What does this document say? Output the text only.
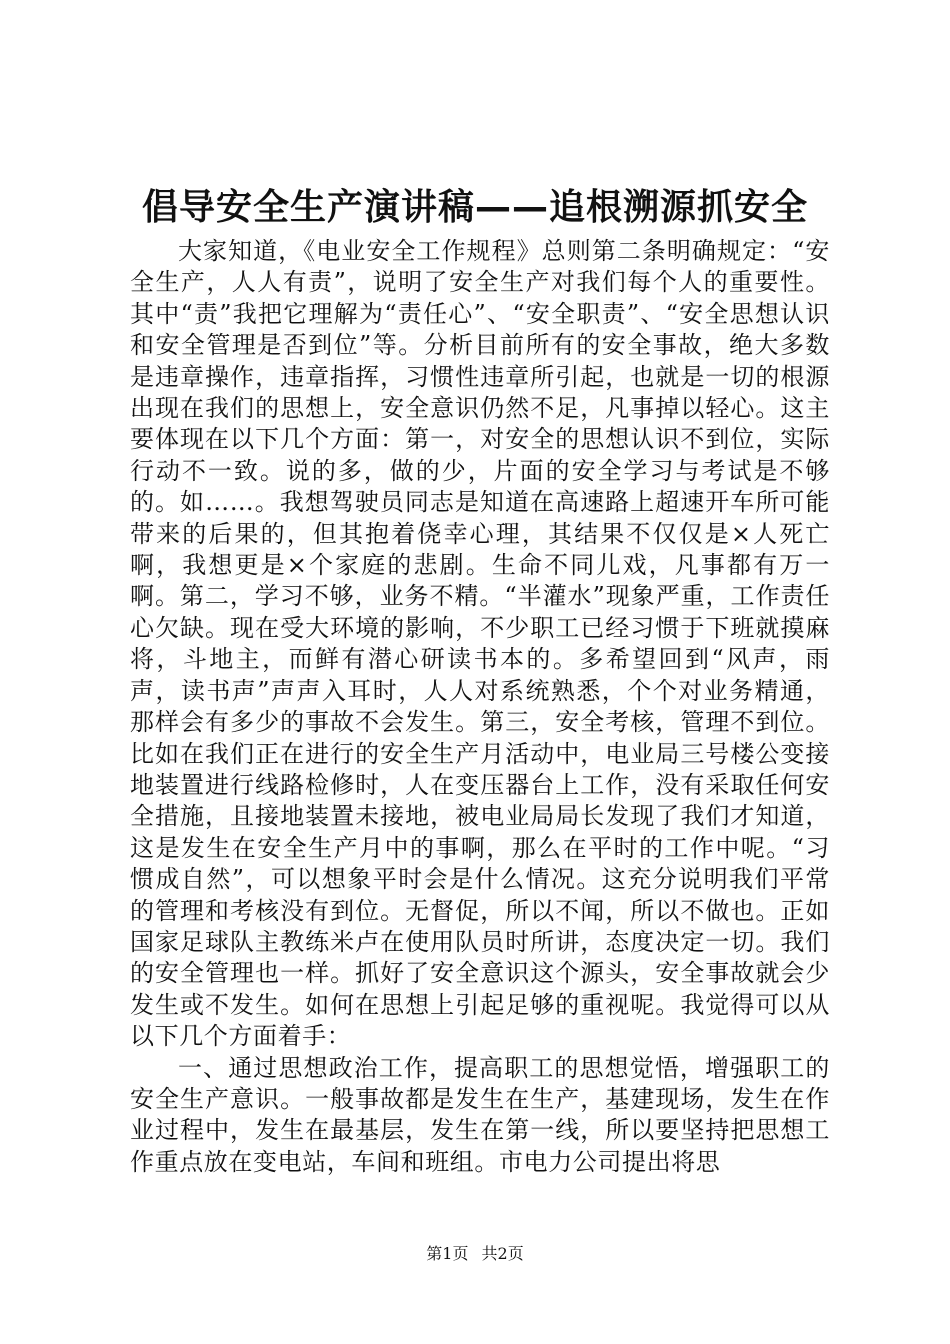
倡导安全生产演讲稿——追根溯源抓安全

大家知道，《电业安全工作规程》总则第二条明确规定：“安全生产，人人有责”，说明了安全生产对我们每个人的重要性。其中“责”我把它理解为“责任心”、“安全职责”、“安全思想认识和安全管理是否到位”等。分析目前所有的安全事故，绝大多数是违章操作，违章指挥，习惯性违章所引起，也就是一切的根源出现在我们的思想上，安全意识仍然不足，凡事掉以轻心。这主要体现在以下几个方面：第一，对安全的思想认识不到位，实际行动不一致。说的多，做的少，片面的安全学习与考试是不够的。如……。我想驾驶员同志是知道在高速路上超速开车所可能带来的后果的，但其抱着侥幸心理，其结果不仅仅是×人死亡啊，我想更是×个家庭的悲剧。生命不同儿戏，凡事都有万一啊。第二，学习不够，业务不精。“半灌水”现象严重，工作责任心欠缺。现在受大环境的影响，不少职工已经习惯于下班就摸麻将，斗地主，而鲜有潜心研读书本的。多希望回到“风声，雨声，读书声”声声入耳时，人人对系统熟悉，个个对业务精通，那样会有多少的事故不会发生。第三，安全考核，管理不到位。比如在我们正在进行的安全生产月活动中，电业局三号楼公变接地装置进行线路检修时，人在变压器台上工作，没有采取任何安全措施，且接地装置未接地，被电业局局长发现了我们才知道，这是发生在安全生产月中的事啊，那么在平时的工作中呢。“习惯成自然”，可以想象平时会是什么情况。这充分说明我们平常的管理和考核没有到位。无督促，所以不闻，所以不做也。正如国家足球队主教练米卢在使用队员时所讲，态度决定一切。我们的安全管理也一样。抓好了安全意识这个源头，安全事故就会少发生或不发生。如何在思想上引起足够的重视呢。我觉得可以从以下几个方面着手：

一、通过思想政治工作，提高职工的思想觉悟，增强职工的安全生产意识。一般事故都是发生在生产，基建现场，发生在作业过程中，发生在最基层，发生在第一线，所以要坚持把思想工作重点放在变电站，车间和班组。市电力公司提出将思

第1页 共2页
